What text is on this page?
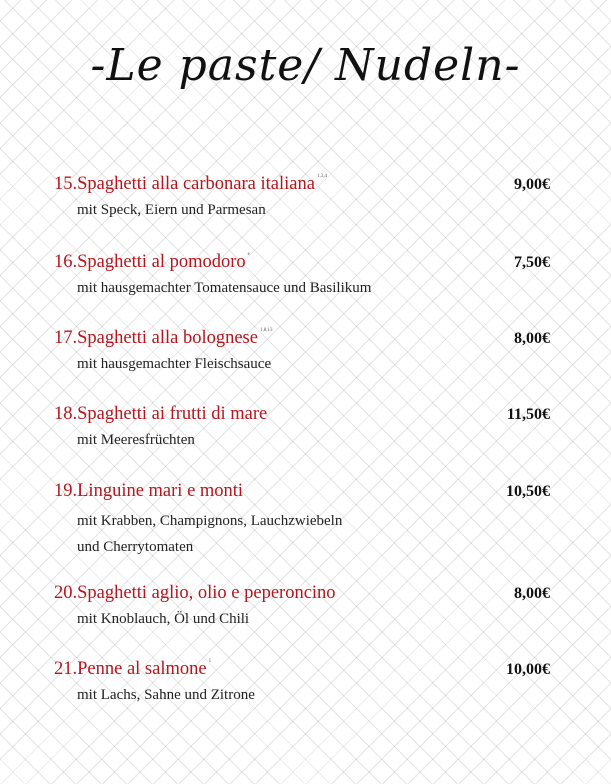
-Le paste/ Nudeln-
15.Spaghetti alla carbonara italiana $^{1,3,4}$	9,00€
mit Speck, Eiern und Parmesan
16.Spaghetti al pomodoro $^e$	7,50€
mit hausgemachter Tomatensauce und Basilikum
17.Spaghetti alla bolognese $^{1,8,13}$	8,00€
mit hausgemachter Fleischsauce
18.Spaghetti ai frutti di mare	11,50€
mit Meeresfrüchten
19.Linguine mari e monti	10,50€
mit Krabben, Champignons, Lauchzwiebeln
und Cherrytomaten
20.Spaghetti aglio, olio e peperoncino	8,00€
mit Knoblauch, Öl und Chili
21.Penne al salmone $^1$	10,00€
mit Lachs, Sahne und Zitrone
